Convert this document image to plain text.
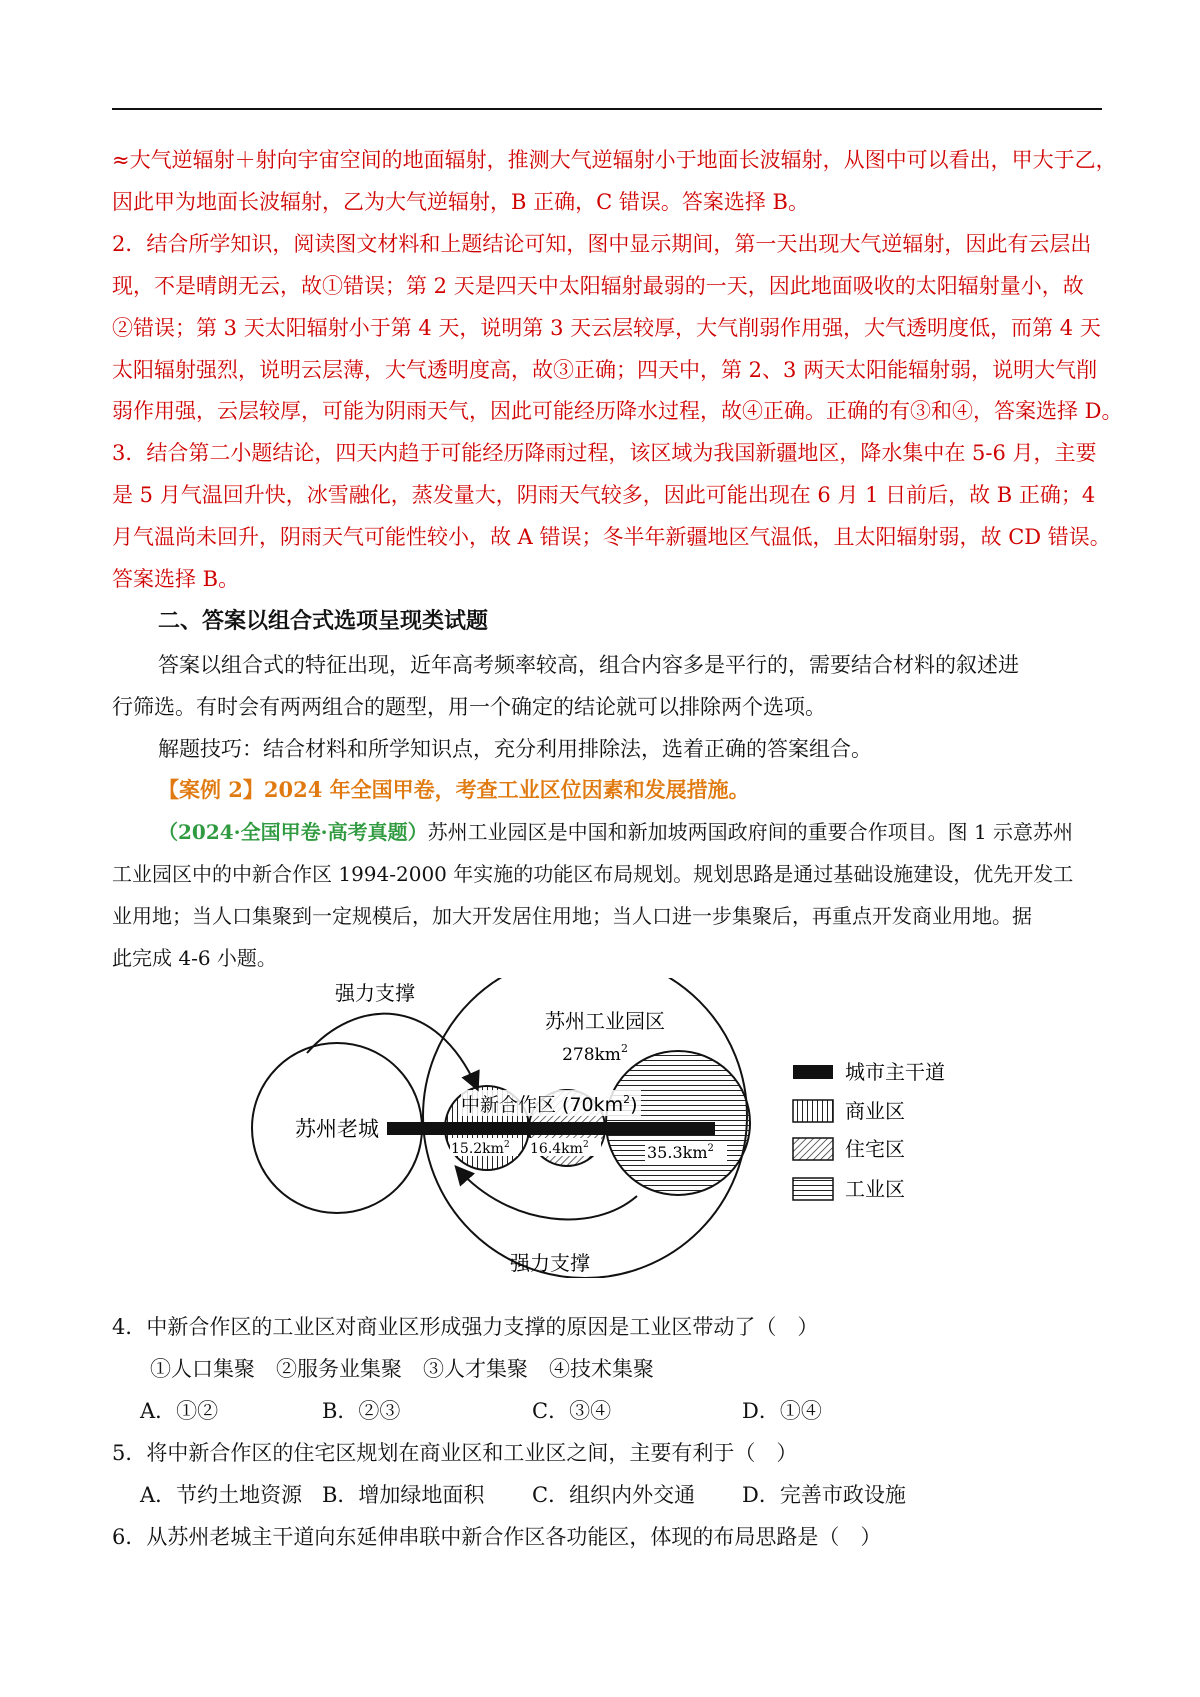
≈大气逆辐射＋射向宇宙空间的地面辐射，推测大气逆辐射小于地面长波辐射，从图中可以看出，甲大于乙，
因此甲为地面长波辐射，乙为大气逆辐射，B 正确，C 错误。答案选择 B。
2．结合所学知识，阅读图文材料和上题结论可知，图中显示期间，第一天出现大气逆辐射，因此有云层出
现，不是晴朗无云，故①错误；第 2 天是四天中太阳辐射最弱的一天，因此地面吸收的太阳辐射量小，故
②错误；第 3 天太阳辐射小于第 4 天，说明第 3 天云层较厚，大气削弱作用强，大气透明度低，而第 4 天
太阳辐射强烈，说明云层薄，大气透明度高，故③正确；四天中，第 2、3 两天太阳能辐射弱，说明大气削
弱作用强，云层较厚，可能为阴雨天气，因此可能经历降水过程，故④正确。正确的有③和④，答案选择 D。
3．结合第二小题结论，四天内趋于可能经历降雨过程，该区域为我国新疆地区，降水集中在 5-6 月，主要
是 5 月气温回升快，冰雪融化，蒸发量大，阴雨天气较多，因此可能出现在 6 月 1 日前后，故 B 正确；4
月气温尚未回升，阴雨天气可能性较小，故 A 错误；冬半年新疆地区气温低，且太阳辐射弱，故 CD 错误。
答案选择 B。
二、答案以组合式选项呈现类试题
答案以组合式的特征出现，近年高考频率较高，组合内容多是平行的，需要结合材料的叙述进
行筛选。有时会有两两组合的题型，用一个确定的结论就可以排除两个选项。
解题技巧：结合材料和所学知识点，充分利用排除法，选着正确的答案组合。
【案例 2】2024 年全国甲卷，考查工业区位因素和发展措施。
（2024·全国甲卷·高考真题）苏州工业园区是中国和新加坡两国政府间的重要合作项目。图 1 示意苏州
工业园区中的中新合作区 1994-2000 年实施的功能区布局规划。规划思路是通过基础设施建设，优先开发工
业用地；当人口集聚到一定规模后，加大开发居住用地；当人口进一步集聚后，再重点开发商业用地。据
此完成 4-6 小题。
苏州老城
苏州工业园区
$278km^2$
中新合作区 $(70km^2)$
$15.2km^2$ $16.4km^2$	$35.3km^2$
强力支撑
强力支撑
城市主干道
商业区
住宅区
工业区
4．中新合作区的工业区对商业区形成强力支撑的原因是工业区带动了（　）
①人口集聚　②服务业集聚　③人才集聚　④技术集聚
A．①②	B．②③	C．③④	D．①④
5．将中新合作区的住宅区规划在商业区和工业区之间，主要有利于（　）
A．节约土地资源 B．增加绿地面积 C．组织内外交通 D．完善市政设施
6．从苏州老城主干道向东延伸串联中新合作区各功能区，体现的布局思路是（　）
